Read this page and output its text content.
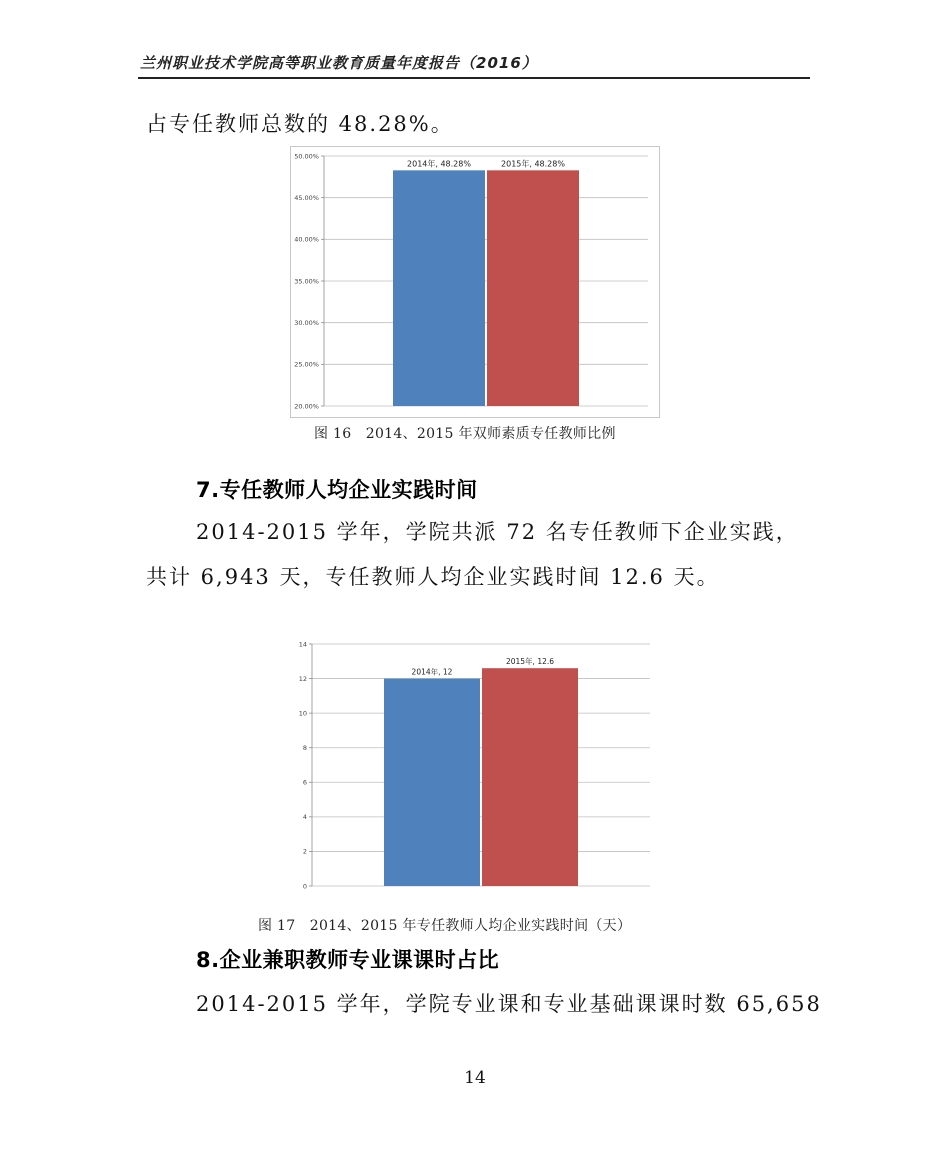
兰州职业技术学院高等职业教育质量年度报告（2016）
占专任教师总数的 48.28%。
20.00%
25.00%
30.00%
35.00%
40.00%
45.00%
50.00%
2014年, 48.28%	2015年, 48.28%
图 16　2014、2015 年双师素质专任教师比例
7.专任教师人均企业实践时间
2014-2015 学年，学院共派 72 名专任教师下企业实践，
共计 6,943 天，专任教师人均企业实践时间 12.6 天。
0
2
4
6
8
10
12
14
2014年, 12
2015年, 12.6
图 17　2014、2015 年专任教师人均企业实践时间（天）
8.企业兼职教师专业课课时占比
2014-2015 学年，学院专业课和专业基础课课时数 65,658
14
